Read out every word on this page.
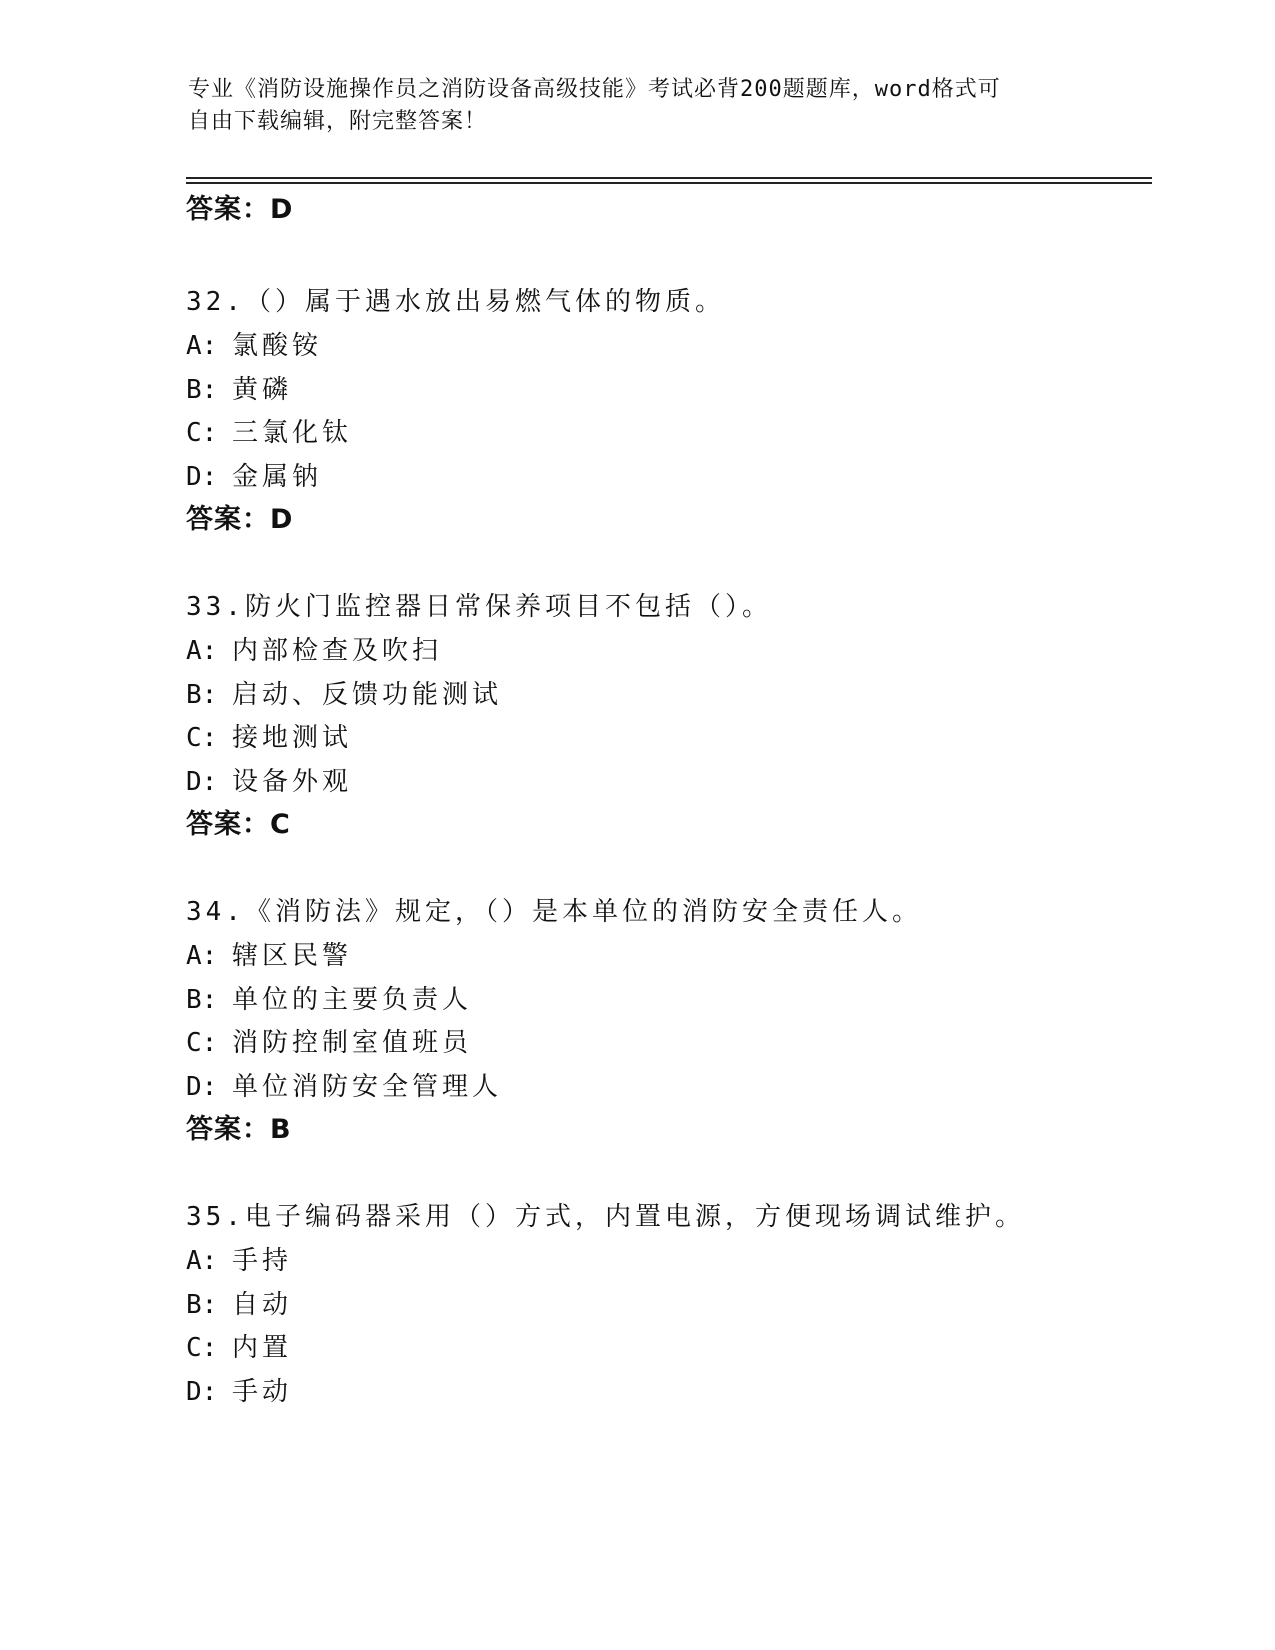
专业《消防设施操作员之消防设备高级技能》考试必背200题题库，word格式可
自由下载编辑，附完整答案！
答案：D
32.（）属于遇水放出易燃气体的物质。
A: 氯酸铵
B: 黄磷
C: 三氯化钛
D: 金属钠
答案：D
33.防火门监控器日常保养项目不包括（）。
A: 内部检查及吹扫
B: 启动、反馈功能测试
C: 接地测试
D: 设备外观
答案：C
34.《消防法》规定，（）是本单位的消防安全责任人。
A: 辖区民警
B: 单位的主要负责人
C: 消防控制室值班员
D: 单位消防安全管理人
答案：B
35.电子编码器采用（）方式，内置电源，方便现场调试维护。
A: 手持
B: 自动
C: 内置
D: 手动
